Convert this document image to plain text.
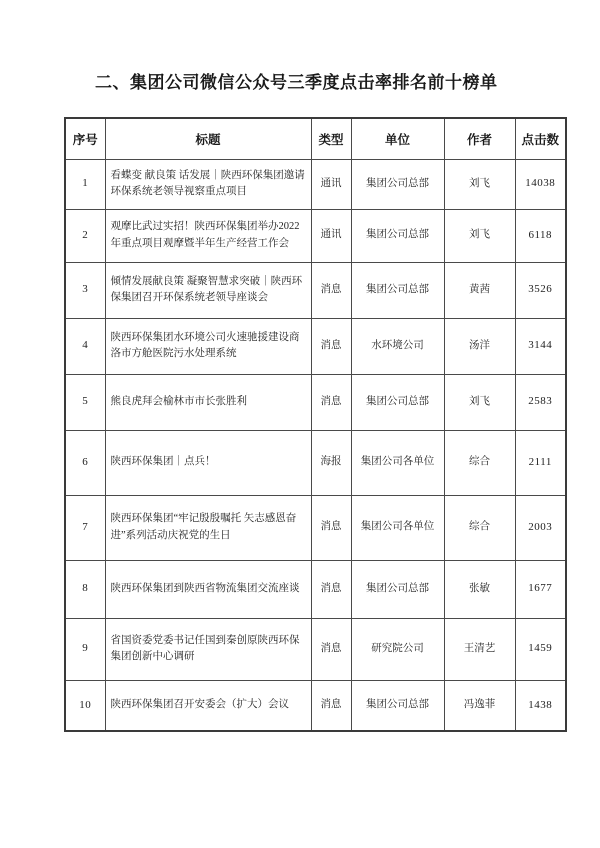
二、集团公司微信公众号三季度点击率排名前十榜单
序号	标题	类型	单位	作者	点击数
1	看蝶变 献良策 话发展｜陕西环保集团邀请环保系统老领导视察重点项目	通讯	集团公司总部	刘飞	14038
2	观摩比武过实招！陕西环保集团举办2022年重点项目观摩暨半年生产经营工作会	通讯	集团公司总部	刘飞	6118
3	倾情发展献良策 凝聚智慧求突破｜陕西环保集团召开环保系统老领导座谈会	消息	集团公司总部	黄茜	3526
4	陕西环保集团水环境公司火速驰援建设商洛市方舱医院污水处理系统	消息	水环境公司	汤洋	3144
5	熊良虎拜会榆林市市长张胜利	消息	集团公司总部	刘飞	2583
6	陕西环保集团｜点兵！	海报	集团公司各单位	综合	2111
7	陕西环保集团“牢记殷殷嘱托 矢志感恩奋进”系列活动庆祝党的生日	消息	集团公司各单位	综合	2003
8	陕西环保集团到陕西省物流集团交流座谈	消息	集团公司总部	张敏	1677
9	省国资委党委书记任国到秦创原陕西环保集团创新中心调研	消息	研究院公司	王清艺	1459
10	陕西环保集团召开安委会（扩大）会议	消息	集团公司总部	冯逸菲	1438
